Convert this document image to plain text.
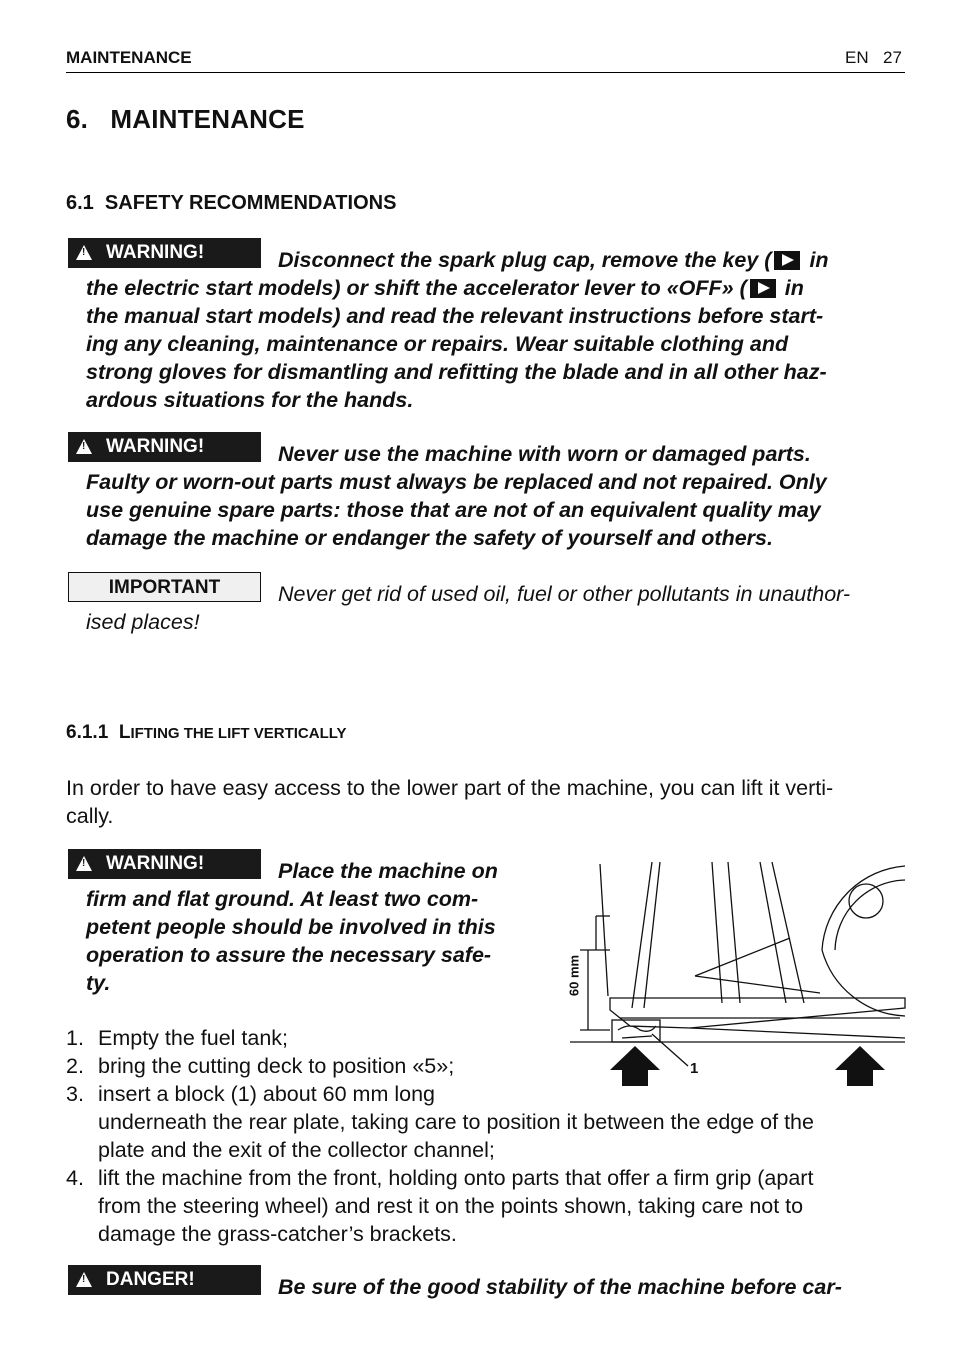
MAINTENANCE	EN 27
6.   MAINTENANCE
6.1  SAFETY RECOMMENDATIONS
!WARNING!	Disconnect the spark plug cap, remove the key ( in
the electric start models) or shift the accelerator lever to «OFF» ( in
the manual start models) and read the relevant instructions before start-
ing any cleaning, maintenance or repairs. Wear suitable clothing and
strong gloves for dismantling and refitting the blade and in all other haz-
ardous situations for the hands.
!WARNING!	Never use the machine with worn or damaged parts.
Faulty or worn-out parts must always be replaced and not repaired. Only
use genuine spare parts: those that are not of an equivalent quality may
damage the machine or endanger the safety of yourself and others.
IMPORTANT	Never get rid of used oil, fuel or other pollutants in unauthor-
ised places!
6.1.1 LIFTING THE LIFT VERTICALLY
In order to have easy access to the lower part of the machine, you can lift it verti-
cally.
!WARNING!	Place the machine on
firm and flat ground. At least two com-
petent people should be involved in this
operation to assure the necessary safe-
ty.	60 mm
1
1. Empty the fuel tank;
2. bring the cutting deck to position «5»;
3. insert a block (1) about 60 mm long
underneath the rear plate, taking care to position it between the edge of the
plate and the exit of the collector channel;
4. lift the machine from the front, holding onto parts that offer a firm grip (apart
from the steering wheel) and rest it on the points shown, taking care not to
damage the grass-catcher’s brackets.
!DANGER!	Be sure of the good stability of the machine before car-
